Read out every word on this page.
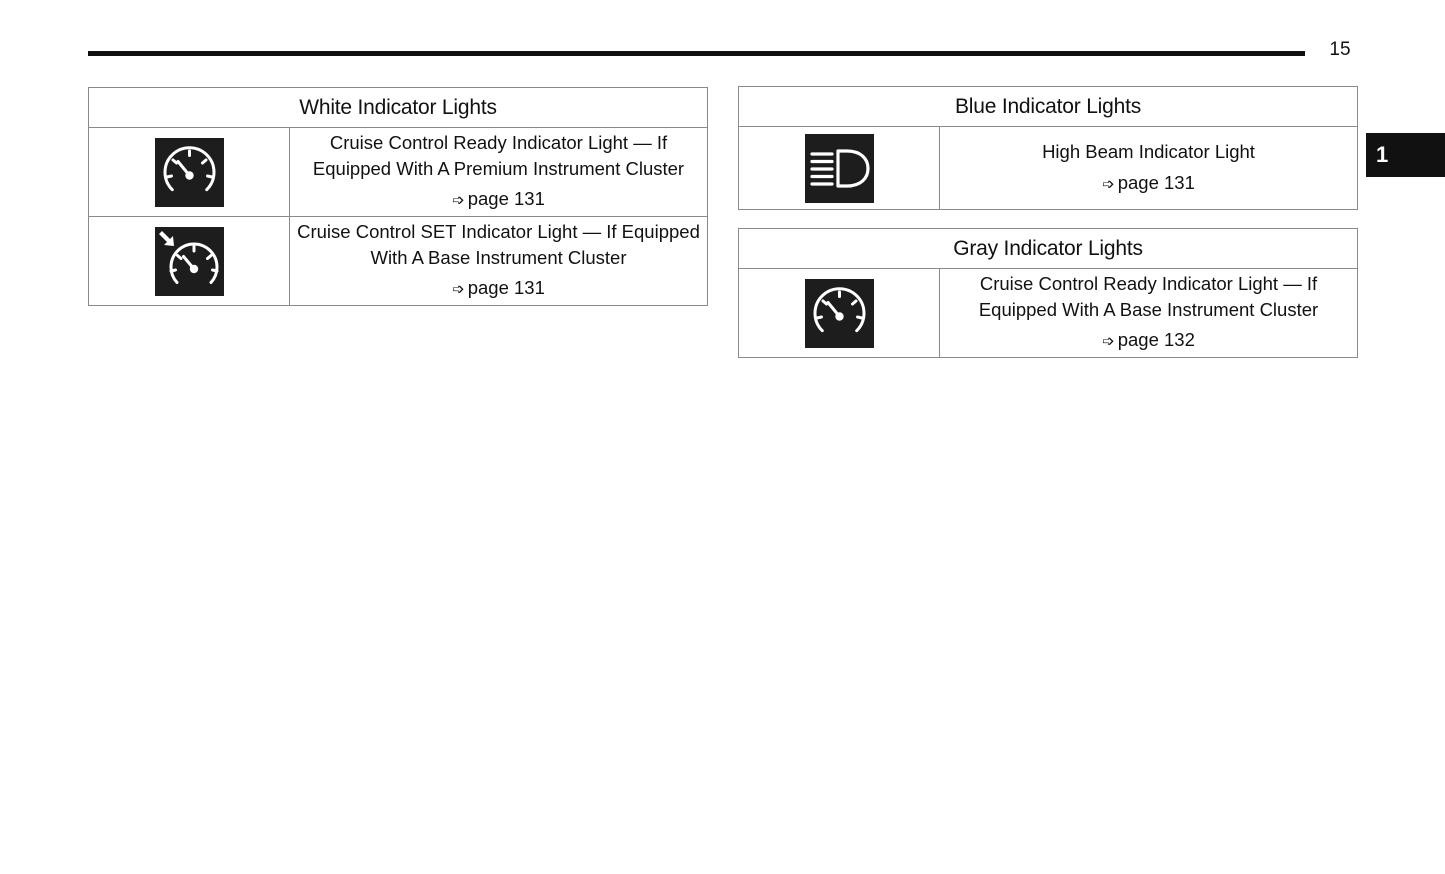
15
1
White Indicator Lights	

Cruise Control Ready Indicator Light — If Equipped With A Premium Instrument Cluster
➩ page 131

Cruise Control SET Indicator Light — If Equipped With A Base Instrument Cluster
➩ page 131
Blue Indicator Lights

High Beam Indicator Light
➩ page 131
Gray Indicator Lights

Cruise Control Ready Indicator Light — If Equipped With A Base Instrument Cluster
➩ page 132
